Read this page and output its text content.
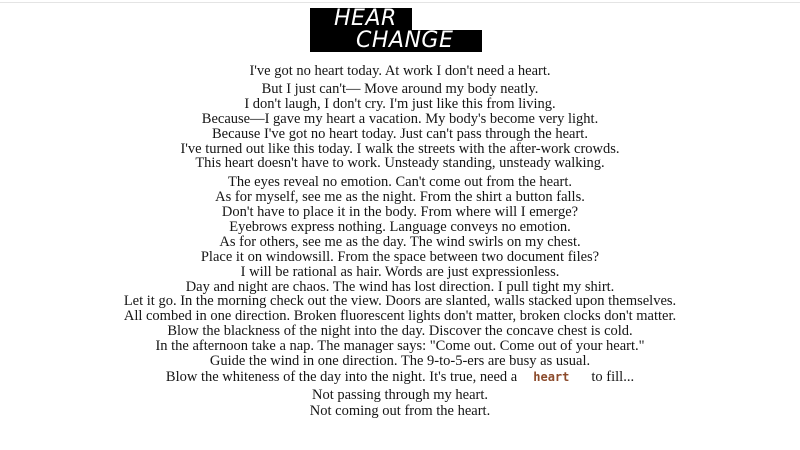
HEART
CHANGES
I've got no heart today. At work I don't need a heart.
But I just can't— Move around my body neatly.
I don't laugh, I don't cry. I'm just like this from living.
Because—I gave my heart a vacation. My body's become very light.
Because I've got no heart today. Just can't pass through the heart.
I've turned out like this today. I walk the streets with the after-work crowds.
This heart doesn't have to work. Unsteady standing, unsteady walking.
The eyes reveal no emotion. Can't come out from the heart.
As for myself, see me as the night. From the shirt a button falls.
Don't have to place it in the body. From where will I emerge?
Eyebrows express nothing. Language conveys no emotion.
As for others, see me as the day. The wind swirls on my chest.
Place it on windowsill. From the space between two document files?
I will be rational as hair. Words are just expressionless.
Day and night are chaos. The wind has lost direction. I pull tight my shirt.
Let it go. In the morning check out the view. Doors are slanted, walls stacked upon themselves.
All combed in one direction. Broken fluorescent lights don't matter, broken clocks don't matter.
Blow the blackness of the night into the day. Discover the concave chest is cold.
In the afternoon take a nap. The manager says: "Come out. Come out of your heart."
Guide the wind in one direction. The 9-to-5-ers are busy as usual.
Blow the whiteness of the day into the night. It's true, need a heart to fill...
Not passing through my heart.
Not coming out from the heart.
